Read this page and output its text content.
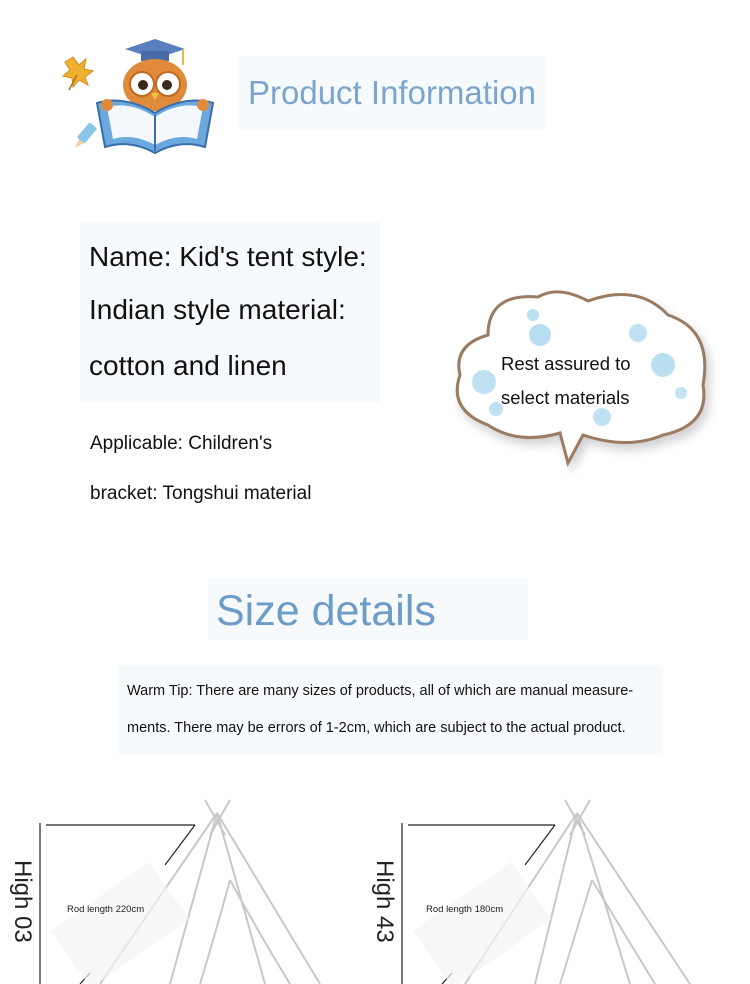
Product Information
Name: Kid's tent style:
Indian style material:
cotton and linen
Applicable: Children's
bracket: Tongshui material
Rest assured to
select materials
Size details
Warm Tip: There are many sizes of products, all of which are manual measure-
ments. There may be errors of 1-2cm, which are subject to the actual product.
High 03	Rod length 220cm	High 43	Rod length 180cm
